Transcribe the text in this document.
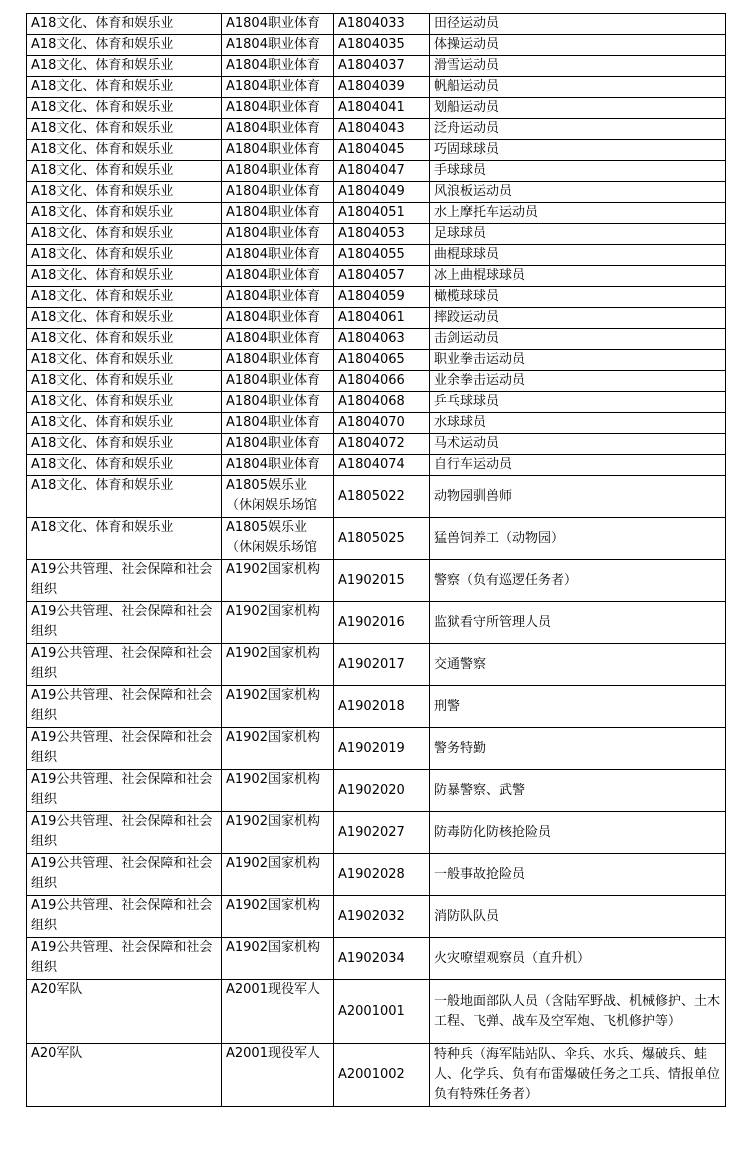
A18文化、体育和娱乐业	A1804职业体育	A1804033	田径运动员
A18文化、体育和娱乐业	A1804职业体育	A1804035	体操运动员
A18文化、体育和娱乐业	A1804职业体育	A1804037	滑雪运动员
A18文化、体育和娱乐业	A1804职业体育	A1804039	帆船运动员
A18文化、体育和娱乐业	A1804职业体育	A1804041	划船运动员
A18文化、体育和娱乐业	A1804职业体育	A1804043	泛舟运动员
A18文化、体育和娱乐业	A1804职业体育	A1804045	巧固球球员
A18文化、体育和娱乐业	A1804职业体育	A1804047	手球球员
A18文化、体育和娱乐业	A1804职业体育	A1804049	风浪板运动员
A18文化、体育和娱乐业	A1804职业体育	A1804051	水上摩托车运动员
A18文化、体育和娱乐业	A1804职业体育	A1804053	足球球员
A18文化、体育和娱乐业	A1804职业体育	A1804055	曲棍球球员
A18文化、体育和娱乐业	A1804职业体育	A1804057	冰上曲棍球球员
A18文化、体育和娱乐业	A1804职业体育	A1804059	橄榄球球员
A18文化、体育和娱乐业	A1804职业体育	A1804061	摔跤运动员
A18文化、体育和娱乐业	A1804职业体育	A1804063	击剑运动员
A18文化、体育和娱乐业	A1804职业体育	A1804065	职业拳击运动员
A18文化、体育和娱乐业	A1804职业体育	A1804066	业余拳击运动员
A18文化、体育和娱乐业	A1804职业体育	A1804068	乒乓球球员
A18文化、体育和娱乐业	A1804职业体育	A1804070	水球球员
A18文化、体育和娱乐业	A1804职业体育	A1804072	马术运动员
A18文化、体育和娱乐业	A1804职业体育	A1804074	自行车运动员
A18文化、体育和娱乐业	A1805娱乐业（休闲娱乐场馆	A1805022	动物园驯兽师
A18文化、体育和娱乐业	A1805娱乐业（休闲娱乐场馆	A1805025	猛兽饲养工（动物园）
A19公共管理、社会保障和社会组织	A1902国家机构	A1902015	警察（负有巡逻任务者）
A19公共管理、社会保障和社会组织	A1902国家机构	A1902016	监狱看守所管理人员
A19公共管理、社会保障和社会组织	A1902国家机构	A1902017	交通警察
A19公共管理、社会保障和社会组织	A1902国家机构	A1902018	刑警
A19公共管理、社会保障和社会组织	A1902国家机构	A1902019	警务特勤
A19公共管理、社会保障和社会组织	A1902国家机构	A1902020	防暴警察、武警
A19公共管理、社会保障和社会组织	A1902国家机构	A1902027	防毒防化防核抢险员
A19公共管理、社会保障和社会组织	A1902国家机构	A1902028	一般事故抢险员
A19公共管理、社会保障和社会组织	A1902国家机构	A1902032	消防队队员
A19公共管理、社会保障和社会组织	A1902国家机构	A1902034	火灾嘹望观察员（直升机）
A20军队	A2001现役军人	A2001001	一般地面部队人员（含陆军野战、机械修护、土木工程、飞弹、战车及空军炮、飞机修护等）
A20军队	A2001现役军人	A2001002	特种兵（海军陆站队、伞兵、水兵、爆破兵、蛙人、化学兵、负有布雷爆破任务之工兵、情报单位负有特殊任务者）
